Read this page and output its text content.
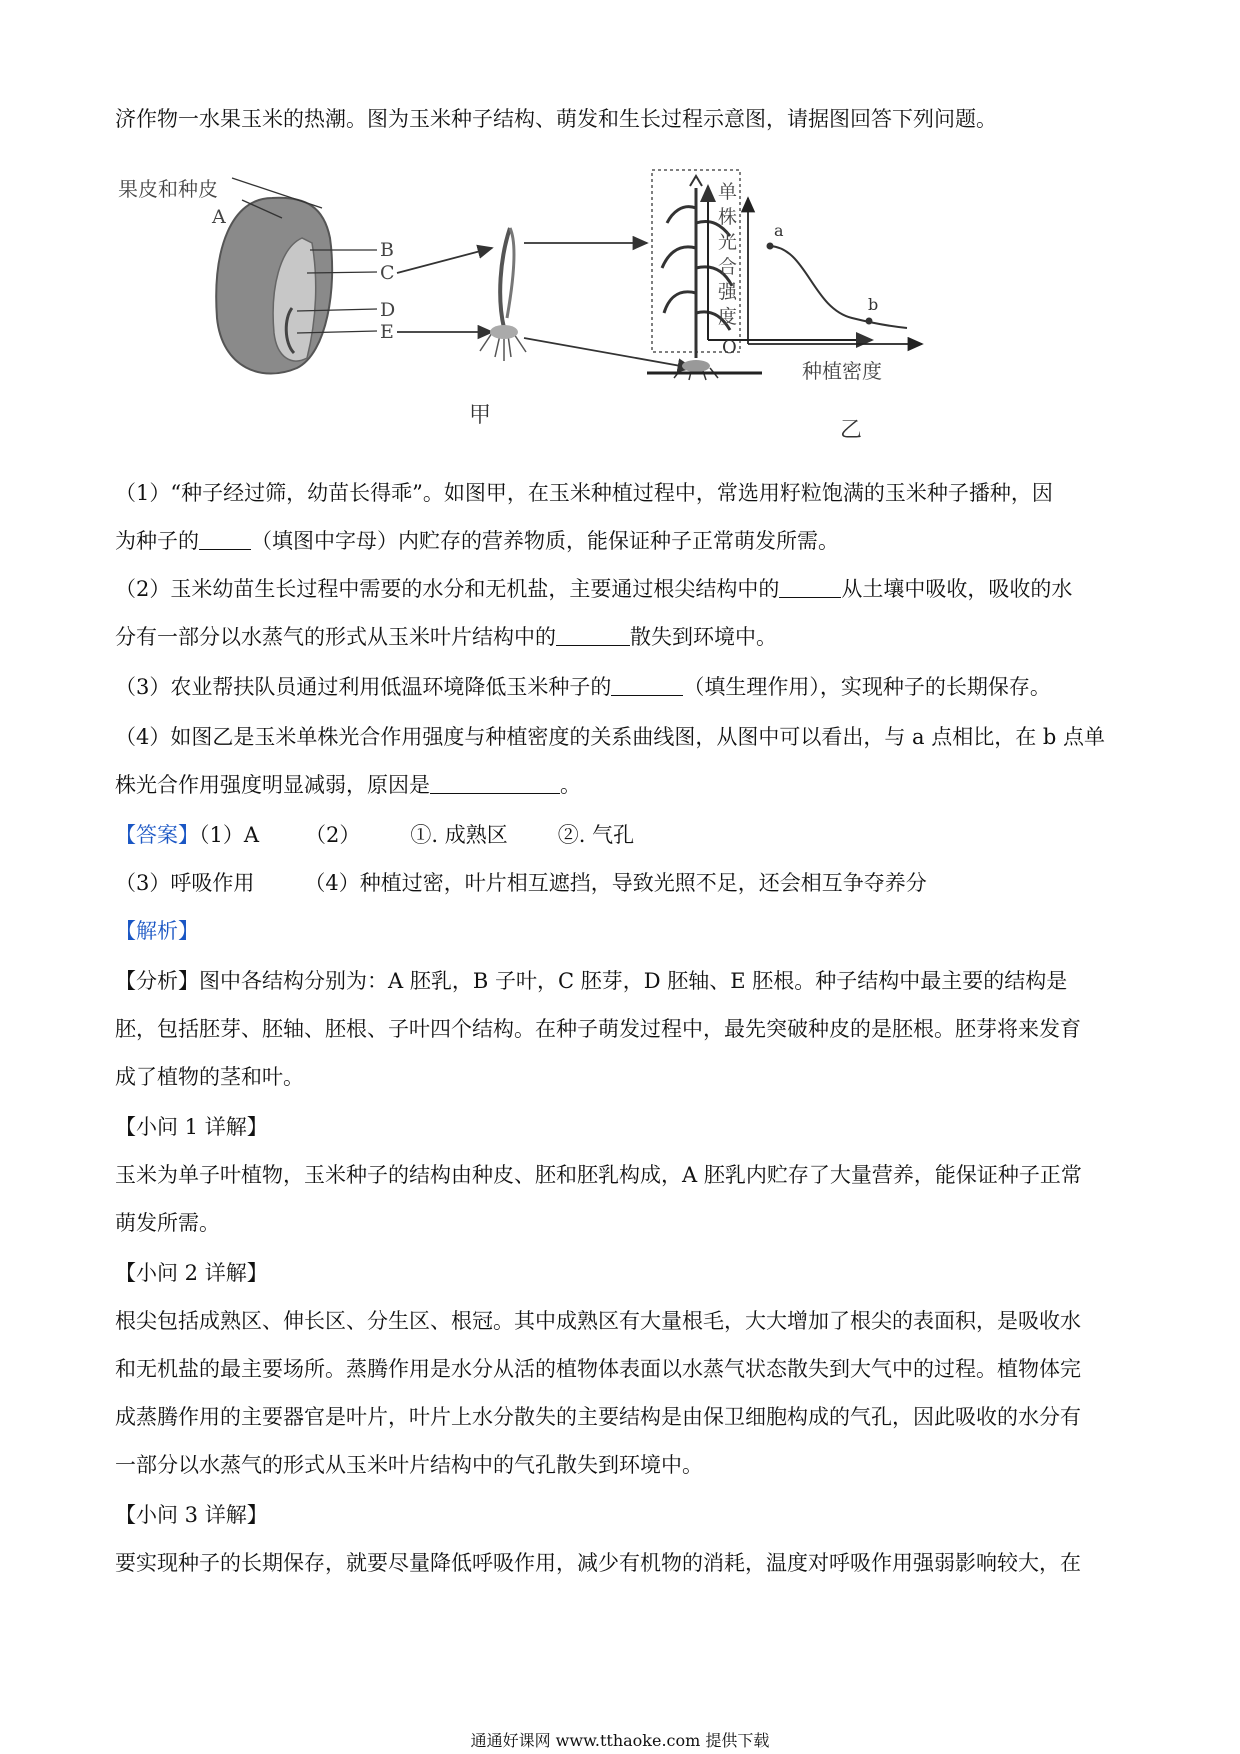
济作物一水果玉米的热潮。图为玉米种子结构、萌发和生长过程示意图，请据图回答下列问题。
果皮和种皮
A
B
C
D
E
a
b
O
种植密度
单
株
光
合
强
度
甲
乙
（1）“种子经过筛，幼苗长得乖”。如图甲，在玉米种植过程中，常选用籽粒饱满的玉米种子播种，因
为种子的 （填图中字母）内贮存的营养物质，能保证种子正常萌发所需。
（2）玉米幼苗生长过程中需要的水分和无机盐，主要通过根尖结构中的	从土壤中吸收，吸收的水
分有一部分以水蒸气的形式从玉米叶片结构中的	散失到环境中。
（3）农业帮扶队员通过利用低温环境降低玉米种子的	（填生理作用），实现种子的长期保存。
（4）如图乙是玉米单株光合作用强度与种植密度的关系曲线图，从图中可以看出，与 a 点相比，在 b 点单
株光合作用强度明显减弱，原因是	。
【答案】（1）A （2） ①. 成熟区 ②. 气孔
（3）呼吸作用 （4）种植过密，叶片相互遮挡，导致光照不足，还会相互争夺养分
【解析】
【分析】图中各结构分别为：A 胚乳，B 子叶，C 胚芽，D 胚轴、E 胚根。种子结构中最主要的结构是
胚，包括胚芽、胚轴、胚根、子叶四个结构。在种子萌发过程中，最先突破种皮的是胚根。胚芽将来发育
成了植物的茎和叶。
【小问 1 详解】
玉米为单子叶植物，玉米种子的结构由种皮、胚和胚乳构成，A 胚乳内贮存了大量营养，能保证种子正常
萌发所需。
【小问 2 详解】
根尖包括成熟区、伸长区、分生区、根冠。其中成熟区有大量根毛，大大增加了根尖的表面积，是吸收水
和无机盐的最主要场所。蒸腾作用是水分从活的植物体表面以水蒸气状态散失到大气中的过程。植物体完
成蒸腾作用的主要器官是叶片，叶片上水分散失的主要结构是由保卫细胞构成的气孔，因此吸收的水分有
一部分以水蒸气的形式从玉米叶片结构中的气孔散失到环境中。
【小问 3 详解】
要实现种子的长期保存，就要尽量降低呼吸作用，减少有机物的消耗，温度对呼吸作用强弱影响较大，在
通通好课网 www.tthaoke.com 提供下载
